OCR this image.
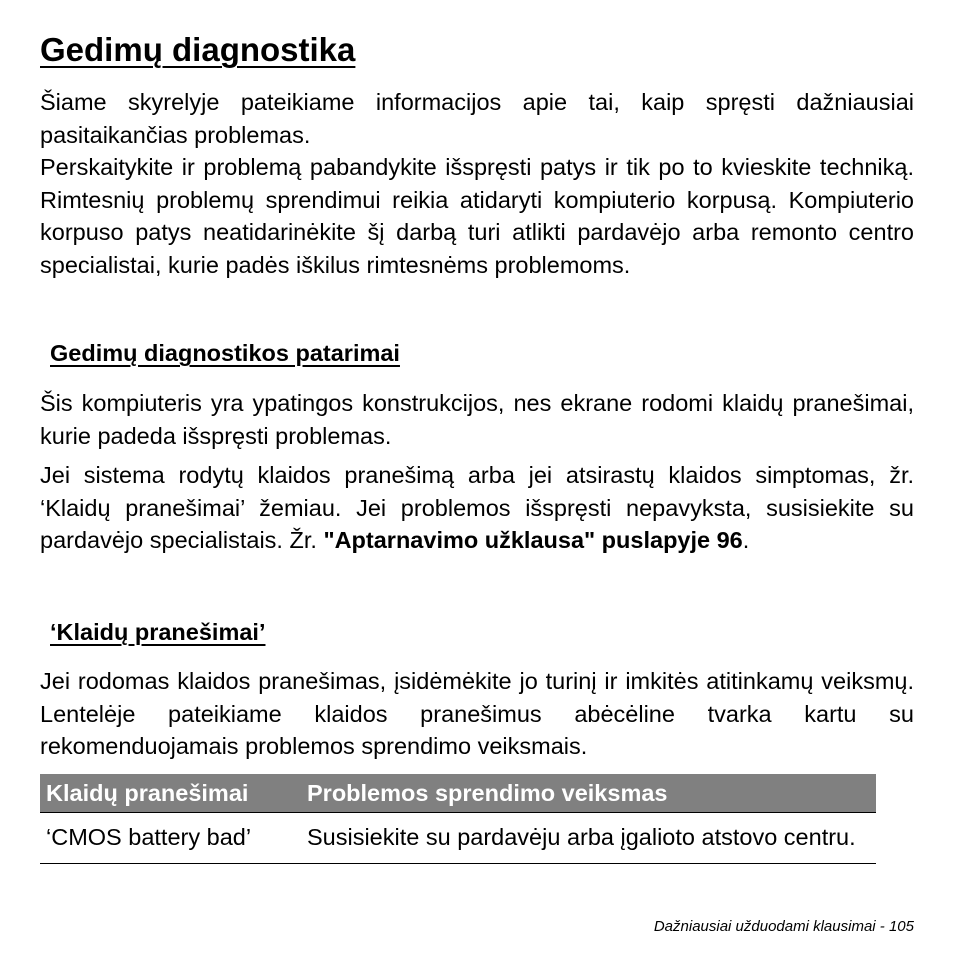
Gedimų diagnostika

Šiame skyrelyje pateikiame informacijos apie tai, kaip spręsti dažniausiai pasitaikančias problemas.

Perskaitykite ir problemą pabandykite išspręsti patys ir tik po to kvieskite techniką. Rimtesnių problemų sprendimui reikia atidaryti kompiuterio korpusą. Kompiuterio korpuso patys neatidarinėkite šį darbą turi atlikti pardavėjo arba remonto centro specialistai, kurie padės iškilus rimtesnėms problemoms.

Gedimų diagnostikos patarimai

Šis kompiuteris yra ypatingos konstrukcijos, nes ekrane rodomi klaidų pranešimai, kurie padeda išspręsti problemas.

Jei sistema rodytų klaidos pranešimą arba jei atsirastų klaidos simptomas, žr. ‘Klaidų pranešimai’ žemiau. Jei problemos išspręsti nepavyksta, susisiekite su pardavėjo specialistais. Žr. "Aptarnavimo užklausa" puslapyje 96.

‘Klaidų pranešimai’

Jei rodomas klaidos pranešimas, įsidėmėkite jo turinį ir imkitės atitinkamų veiksmų. Lentelėje pateikiame klaidos pranešimus abėcėline tvarka kartu su rekomenduojamais problemos sprendimo veiksmais.

Klaidų pranešimai	Problemos sprendimo veiksmas
‘CMOS battery bad’	Susisiekite su pardavėju arba įgalioto atstovo centru.
Dažniausiai užduodami klausimai - 105
